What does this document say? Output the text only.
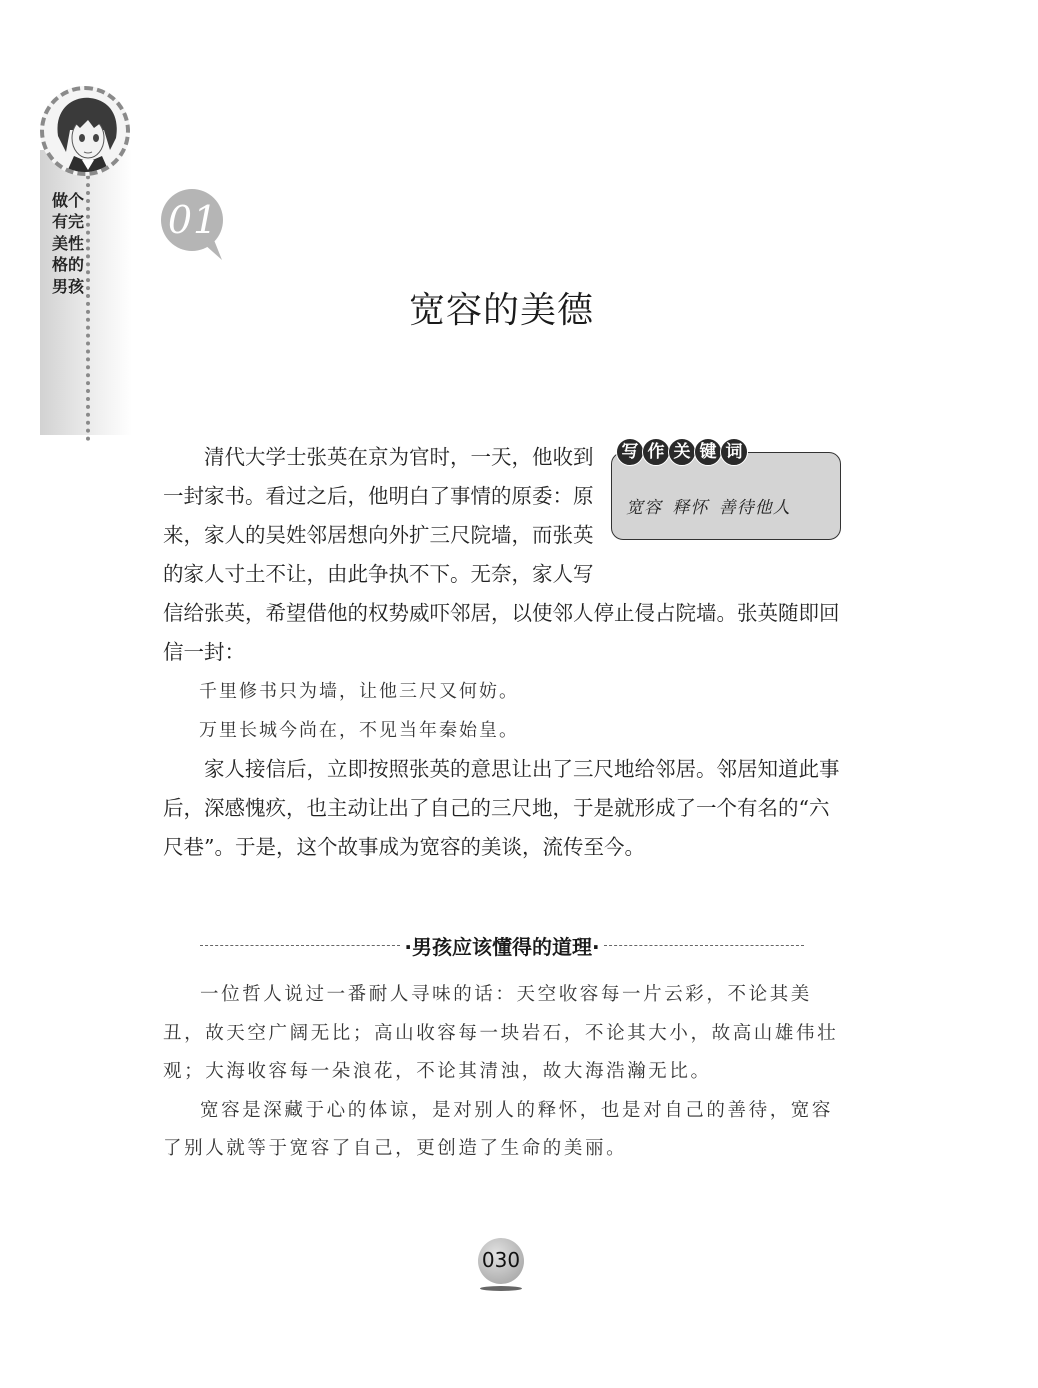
做个有完美性格的男孩
01
宽容的美德
宽容 释怀 善待他人
写 作 关 键 词

清代大学士张英在京为官时，一天，他收到一封家书。看过之后，他明白了事情的原委：原来，家人的吴姓邻居想向外扩三尺院墙，而张英的家人寸土不让，由此争执不下。无奈，家人写信给张英，希望借他的权势威吓邻居，以使邻人停止侵占院墙。张英随即回信一封：

千里修书只为墙，让他三尺又何妨。

万里长城今尚在，不见当年秦始皇。

家人接信后，立即按照张英的意思让出了三尺地给邻居。邻居知道此事后，深感愧疚，也主动让出了自己的三尺地，于是就形成了一个有名的“六尺巷”。于是，这个故事成为宽容的美谈，流传至今。

·男孩应该懂得的道理·

一位哲人说过一番耐人寻味的话：天空收容每一片云彩，不论其美丑，故天空广阔无比；高山收容每一块岩石，不论其大小，故高山雄伟壮观；大海收容每一朵浪花，不论其清浊，故大海浩瀚无比。

宽容是深藏于心的体谅，是对别人的释怀，也是对自己的善待，宽容了别人就等于宽容了自己，更创造了生命的美丽。

030
